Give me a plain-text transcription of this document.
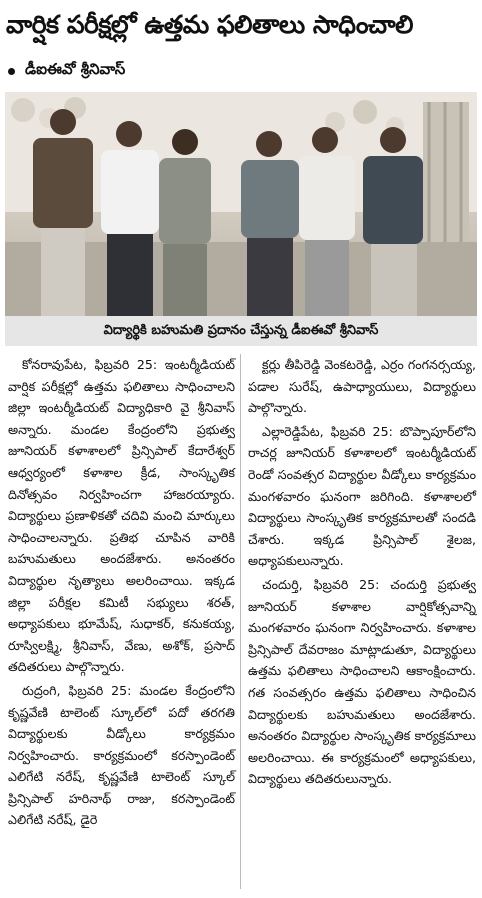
వార్షిక పరీక్షల్లో ఉత్తమ ఫలితాలు సాధించాలి
డీఐఈవో శ్రీనివాస్
విద్యార్థికి బహుమతి ప్రదానం చేస్తున్న డీఐఈవో శ్రీనివాస్

కోనరావుపేట, ఫిబ్రవరి 25: ఇంటర్మీడియట్ వార్షిక పరీక్షల్లో ఉత్తమ ఫలితాలు సాధించాలని జిల్లా ఇంటర్మీడియట్ విద్యాధికారి వై శ్రీనివాస్ అన్నారు. మండల కేంద్రంలోని ప్రభుత్వ జూనియర్ కళాశాలలో ప్రిన్సిపాల్ కేదారేశ్వర్ ఆధ్వర్యంలో కళాశాల క్రీడ, సాంస్కృతిక దినోత్సవం నిర్వహించగా హాజరయ్యారు. విద్యార్థులు ప్రణాళికతో చదివి మంచి మార్కులు సాధించాలన్నారు. ప్రతిభ చూపిన వారికి బహుమతులు అందజేశారు. అనంతరం విద్యార్థుల నృత్యాలు అలరించాయి. ఇక్కడ జిల్లా పరీక్షల కమిటీ సభ్యులు శరత్, అధ్యాపకులు భూమేష్, సుధాకర్, కనుకయ్య, రూస్విలక్ష్మి, శ్రీనివాస్, వేణు, అశోక్, ప్రసాద్ తదితరులు పాల్గొన్నారు.

రుద్రంగి, ఫిబ్రవరి 25: మండల కేంద్రంలోని కృష్ణవేణి టాలెంట్ స్కూల్‌లో పదో తరగతి విద్యార్థులకు వీడ్కోలు కార్యక్రమం నిర్వహించారు. కార్యక్రమంలో కరస్పాండెంట్ ఎలిగేటి నరేష్, కృష్ణవేణి టాలెంట్ స్కూల్ ప్రిన్సిపాల్ హరినాథ్ రాజు, కరస్పాండెంట్ ఎలిగేటి నరేష్, డైరె

క్టర్లు తీపిరెడ్డి వెంకటరెడ్డి, ఎర్రం గంగనర్సయ్య, పడాల సురేష్, ఉపాధ్యాయులు, విద్యార్థులు పాల్గొన్నారు.

ఎల్లారెడ్డిపేట, ఫిబ్రవరి 25: బొప్పాపూర్‌లోని రాచర్ల జూనియర్ కళాశాలలో ఇంటర్మీడియట్ రెండో సంవత్సర విద్యార్థుల వీడ్కోలు కార్యక్రమం మంగళవారం ఘనంగా జరిగింది. కళాశాలలో విద్యార్థులు సాంస్కృతిక కార్యక్రమాలతో సందడి చేశారు. ఇక్కడ ప్రిన్సిపాల్ శైలజ, అధ్యాపకులున్నారు.

చందుర్తి, ఫిబ్రవరి 25: చందుర్తి ప్రభుత్వ జూనియర్ కళాశాల వార్షికోత్సవాన్ని మంగళవారం ఘనంగా నిర్వహించారు. కళాశాల ప్రిన్సిపాల్ దేవరాజం మాట్లాడుతూ, విద్యార్థులు ఉత్తమ ఫలితాలు సాధించాలని ఆకాంక్షించారు. గత సంవత్సరం ఉత్తమ ఫలితాలు సాధించిన విద్యార్థులకు బహుమతులు అందజేశారు. అనంతరం విద్యార్థుల సాంస్కృతిక కార్యక్రమాలు అలరించాయి. ఈ కార్యక్రమంలో అధ్యాపకులు, విద్యార్థులు తదితరులున్నారు.
